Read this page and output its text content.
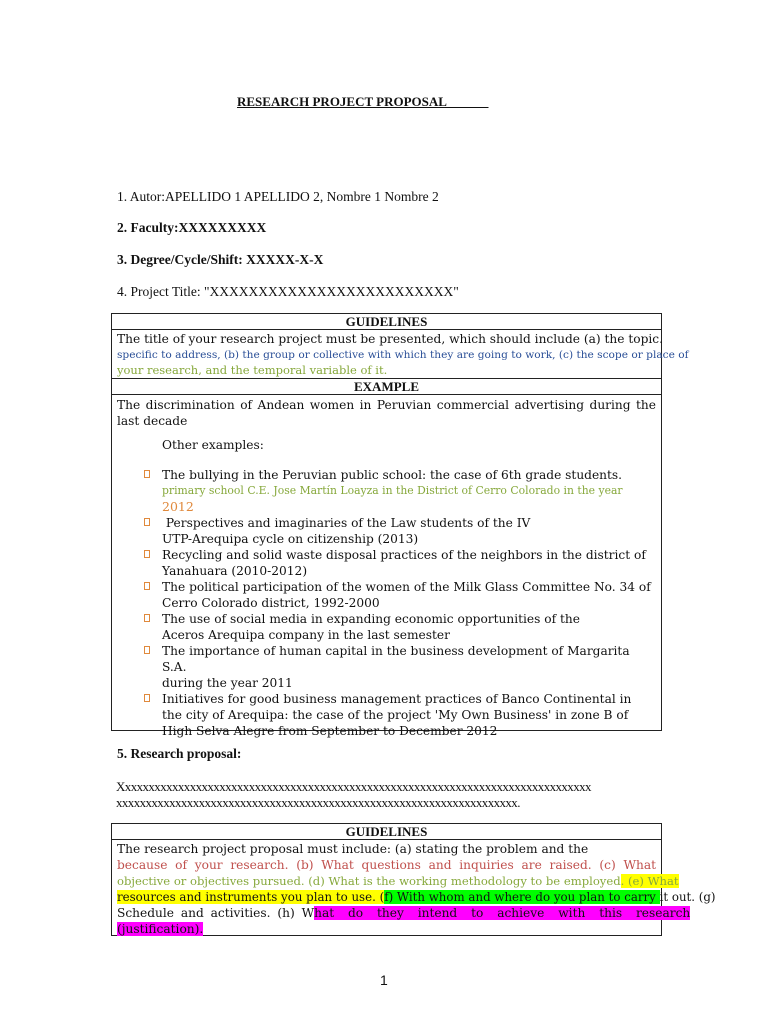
RESEARCH PROJECT PROPOSAL
1. Autor:APELLIDO 1 APELLIDO 2, Nombre 1 Nombre 2
2. Faculty:XXXXXXXXX
3. Degree/Cycle/Shift: XXXXX-X-X
4. Project Title: "XXXXXXXXXXXXXXXXXXXXXXXXX"
GUIDELINES
The title of your research project must be presented, which should include (a) the topic.
specific to address, (b) the group or collective with which they are going to work, (c) the scope or place of
your research, and the temporal variable of it.
EXAMPLE
The discrimination of Andean women in Peruvian commercial advertising during the
last decade
Other examples:
The bullying in the Peruvian public school: the case of 6th grade students.
primary school C.E. Jose Martín Loayza in the District of Cerro Colorado in the year
2012
Perspectives and imaginaries of the Law students of the IV
UTP-Arequipa cycle on citizenship (2013)
Recycling and solid waste disposal practices of the neighbors in the district of
Yanahuara (2010-2012)
The political participation of the women of the Milk Glass Committee No. 34 of
Cerro Colorado district, 1992-2000
The use of social media in expanding economic opportunities of the
Aceros Arequipa company in the last semester
The importance of human capital in the business development of Margarita S.A.
during the year 2011
Initiatives for good business management practices of Banco Continental in
the city of Arequipa: the case of the project 'My Own Business' in zone B of
High Selva Alegre from September to December 2012
5. Research proposal:
Xxxxxxxxxxxxxxxxxxxxxxxxxxxxxxxxxxxxxxxxxxxxxxxxxxxxxxxxxxxxxxxxxxxxxxxxxxxxxxxx
xxxxxxxxxxxxxxxxxxxxxxxxxxxxxxxxxxxxxxxxxxxxxxxxxxxxxxxxxxxxxxxxxxxx.
GUIDELINES
The research project proposal must include: (a) stating the problem and the
because of your research. (b) What questions and inquiries are raised. (c) What
objective or objectives pursued. (d) What is the working methodology to be employed. (e) What
resources and instruments you plan to use. (f) With whom and where do you plan to carry it out. (g)
Schedule and activities. (h) What do they intend to achieve with this research
(justification).
1
